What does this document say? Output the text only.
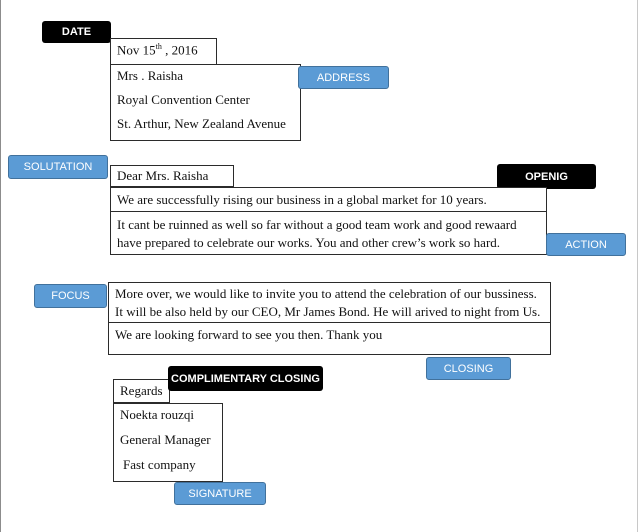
DATE
Nov 15th , 2016
Mrs . Raisha
Royal Convention Center
St. Arthur, New Zealand Avenue
ADDRESS
SOLUTATION
Dear Mrs. Raisha	OPENIG
We are successfully rising our business in a global market for 10 years.
It cant be ruinned as well so far without a good team work and good rewaard have prepared to celebrate our works. You and other crew’s work so hard.	ACTION
FOCUS	More over, we would like to invite you to attend the celebration of our bussiness. It will be also held by our CEO, Mr James Bond. He will arived to night from Us.
We are looking forward to see you then. Thank you
CLOSING
Regards
COMPLIMENTARY CLOSING
Noekta rouzqi
General Manager
Fast company
SIGNATURE
